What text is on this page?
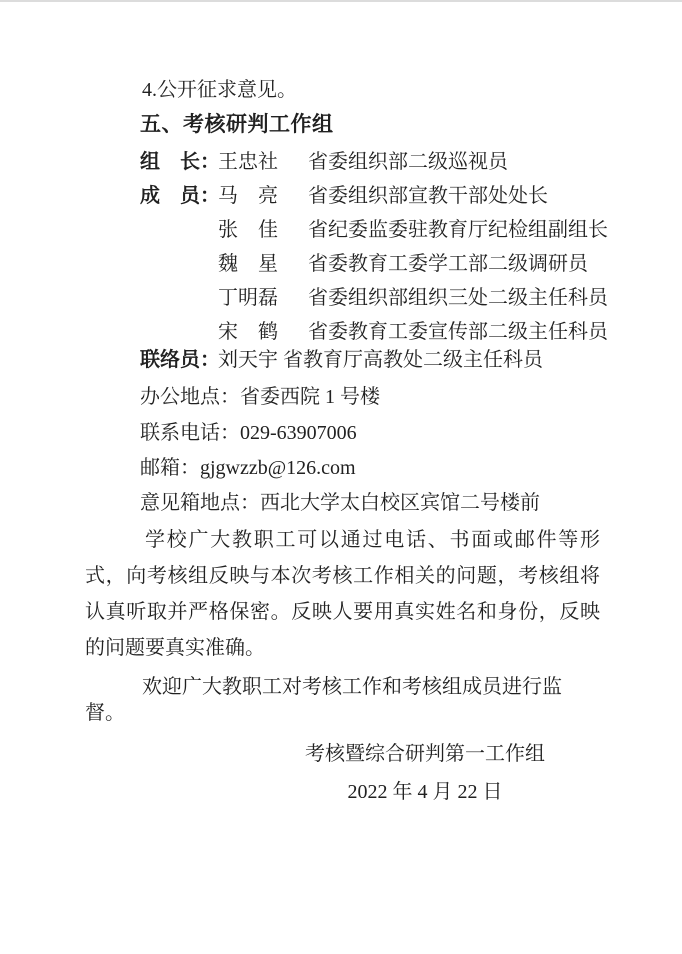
4.公开征求意见。
五、考核研判工作组
组　长：
王忠社	省委组织部二级巡视员
成　员：
马　亮	省委组织部宣教干部处处长
张　佳	省纪委监委驻教育厅纪检组副组长
魏　星	省委教育工委学工部二级调研员
丁明磊	省委组织部组织三处二级主任科员
宋　鹤	省委教育工委宣传部二级主任科员
联络员：
刘天宇 省教育厅高教处二级主任科员
办公地点：省委西院 1 号楼
联系电话：029-63907006
邮箱：gjgwzzb@126.com
意见箱地点：西北大学太白校区宾馆二号楼前
学校广大教职工可以通过电话、书面或邮件等形式，向考核组反映与本次考核工作相关的问题，考核组将认真听取并严格保密。反映人要用真实姓名和身份，反映的问题要真实准确。
欢迎广大教职工对考核工作和考核组成员进行监督。
考核暨综合研判第一工作组
2022 年 4 月 22 日
